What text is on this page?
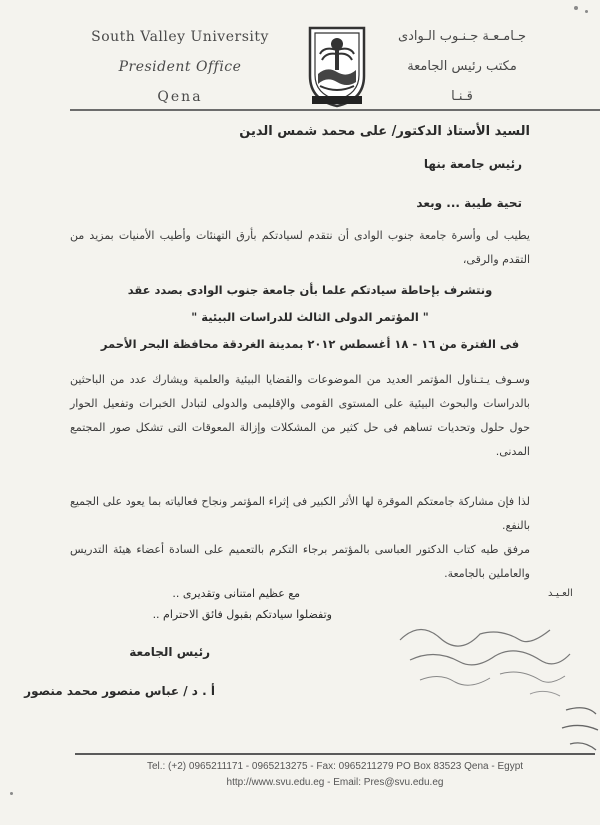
South Valley University
President Office
Qena
جـامـعـة جـنـوب الـوادى
مكتب رئيس الجامعة
قـنـا
السيد الأستاذ الدكتور/ على محمد شمس الدين
رئيس جامعة بنها
تحية طيبة ... وبعد
يطيب لى وأسرة جامعة جنوب الوادى أن نتقدم لسيادتكم بأرق التهنئات وأطيب الأمنيات بمزيد من التقدم والرقى،
ونتشرف بإحاطة سيادتكم علما بأن جامعة جنوب الوادى بصدد عقد
" المؤتمر الدولى الثالث للدراسات البيئية "
فى الفترة من ١٦ - ١٨ أغسطس ٢٠١٢ بمدينة الغردقة محافظة البحر الأحمر
وسـوف يـتـناول المؤتمر العديد من الموضوعات والقضايا البيئية والعلمية ويشارك عدد من الباحثين بالدراسات والبحوث البيئية على المستوى القومى والإقليمى والدولى لتبادل الخبرات وتفعيل الحوار حول حلول وتحديات تساهم فى حل كثير من المشكلات وإزالة المعوقات التى تشكل صور المجتمع المدنى.
لذا فإن مشاركة جامعتكم الموقرة لها الأثر الكبير فى إثراء المؤتمر ونجاح فعالياته بما يعود على الجميع بالنفع.
مرفق طيه كتاب الدكتور العباسى بالمؤتمر برجاء التكرم بالتعميم على السادة أعضاء هيئة التدريس والعاملين بالجامعة.
العـيـد
مع عظيم امتنانى وتقديرى ..
وتفضلوا سيادتكم بقبول فائق الاحترام ..
رئيس الجامعة
أ . د / عباس منصور محمد منصور
Tel.: (+2) 0965211171 - 0965213275 - Fax: 0965211279 PO Box 83523 Qena - Egypt
http://www.svu.edu.eg - Email: Pres@svu.edu.eg
